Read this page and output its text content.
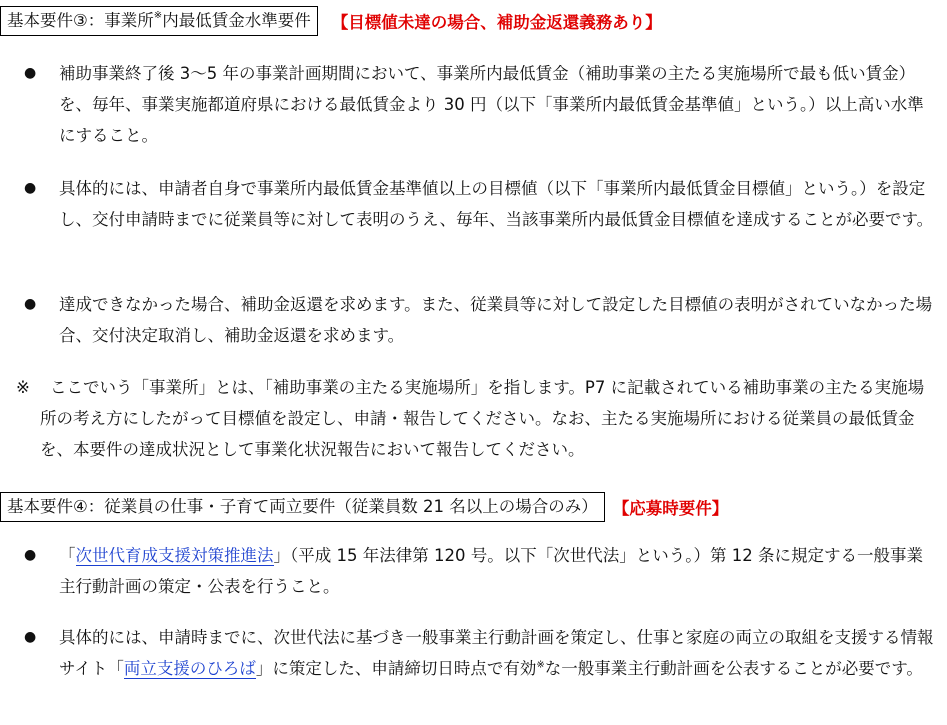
基本要件③：事業所※内最低賃金水準要件	【目標値未達の場合、補助金返還義務あり】
● 補助事業終了後 3〜5 年の事業計画期間において、事業所内最低賃金（補助事業の主たる実施場所で最も低い賃金）を、毎年、事業実施都道府県における最低賃金より 30 円（以下「事業所内最低賃金基準値」という。）以上高い水準にすること。
● 具体的には、申請者自身で事業所内最低賃金基準値以上の目標値（以下「事業所内最低賃金目標値」という。）を設定し、交付申請時までに従業員等に対して表明のうえ、毎年、当該事業所内最低賃金目標値を達成することが必要です。
● 達成できなかった場合、補助金返還を求めます。また、従業員等に対して設定した目標値の表明がされていなかった場合、交付決定取消し、補助金返還を求めます。
※	ここでいう「事業所」とは、「補助事業の主たる実施場所」を指します。P7 に記載されている補助事業の主たる実施場所の考え方にしたがって目標値を設定し、申請・報告してください。なお、主たる実施場所における従業員の最低賃金を、本要件の達成状況として事業化状況報告において報告してください。
基本要件④：従業員の仕事・子育て両立要件（従業員数 21 名以上の場合のみ） 【応募時要件】
● 「次世代育成支援対策推進法」（平成 15 年法律第 120 号。以下「次世代法」という。）第 12 条に規定する一般事業主行動計画の策定・公表を行うこと。
● 具体的には、申請時までに、次世代法に基づき一般事業主行動計画を策定し、仕事と家庭の両立の取組を支援する情報サイト「両立支援のひろば」に策定した、申請締切日時点で有効※な一般事業主行動計画を公表することが必要です。
